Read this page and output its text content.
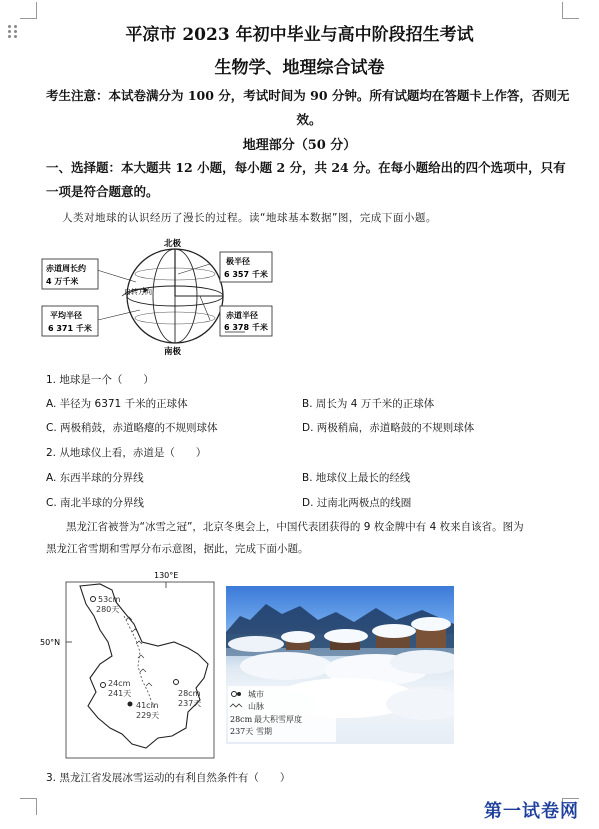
平凉市 2023 年初中毕业与高中阶段招生考试
生物学、地理综合试卷
考生注意：本试卷满分为 100 分，考试时间为 90 分钟。所有试题均在答题卡上作答，否则无
效。
地理部分（50 分）
一、选择题：本大题共 12 小题，每小题 2 分，共 24 分。在每小题给出的四个选项中，只有
一项是符合题意的。
人类对地球的认识经历了漫长的过程。读“地球基本数据”图，完成下面小题。
北极
南极
自转方向
赤道周长约
4 万千米
平均半径
6 371 千米
极半径
6 357 千米
赤道半径
6 378 千米
1. 地球是一个（　　）
A. 半径为 6371 千米的正球体	B. 周长为 4 万千米的正球体
C. 两极稍鼓，赤道略瘪的不规则球体	D. 两极稍扁，赤道略鼓的不规则球体
2. 从地球仪上看，赤道是（　　）
A. 东西半球的分界线	B. 地球仪上最长的经线
C. 南北半球的分界线	D. 过南北两极点的线圈
黑龙江省被誉为“冰雪之冠”，北京冬奥会上，中国代表团获得的 9 枚金牌中有 4 枚来自该省。图为
黑龙江省雪期和雪厚分布示意图，据此，完成下面小题。
130°E
50°N
53cm
280天
24cm
241天
41cm
229天
28cm
237天
城市
山脉
28cm 最大积雪厚度
237天 雪期
3. 黑龙江省发展冰雪运动的有利自然条件有（　　）
第一试卷网
